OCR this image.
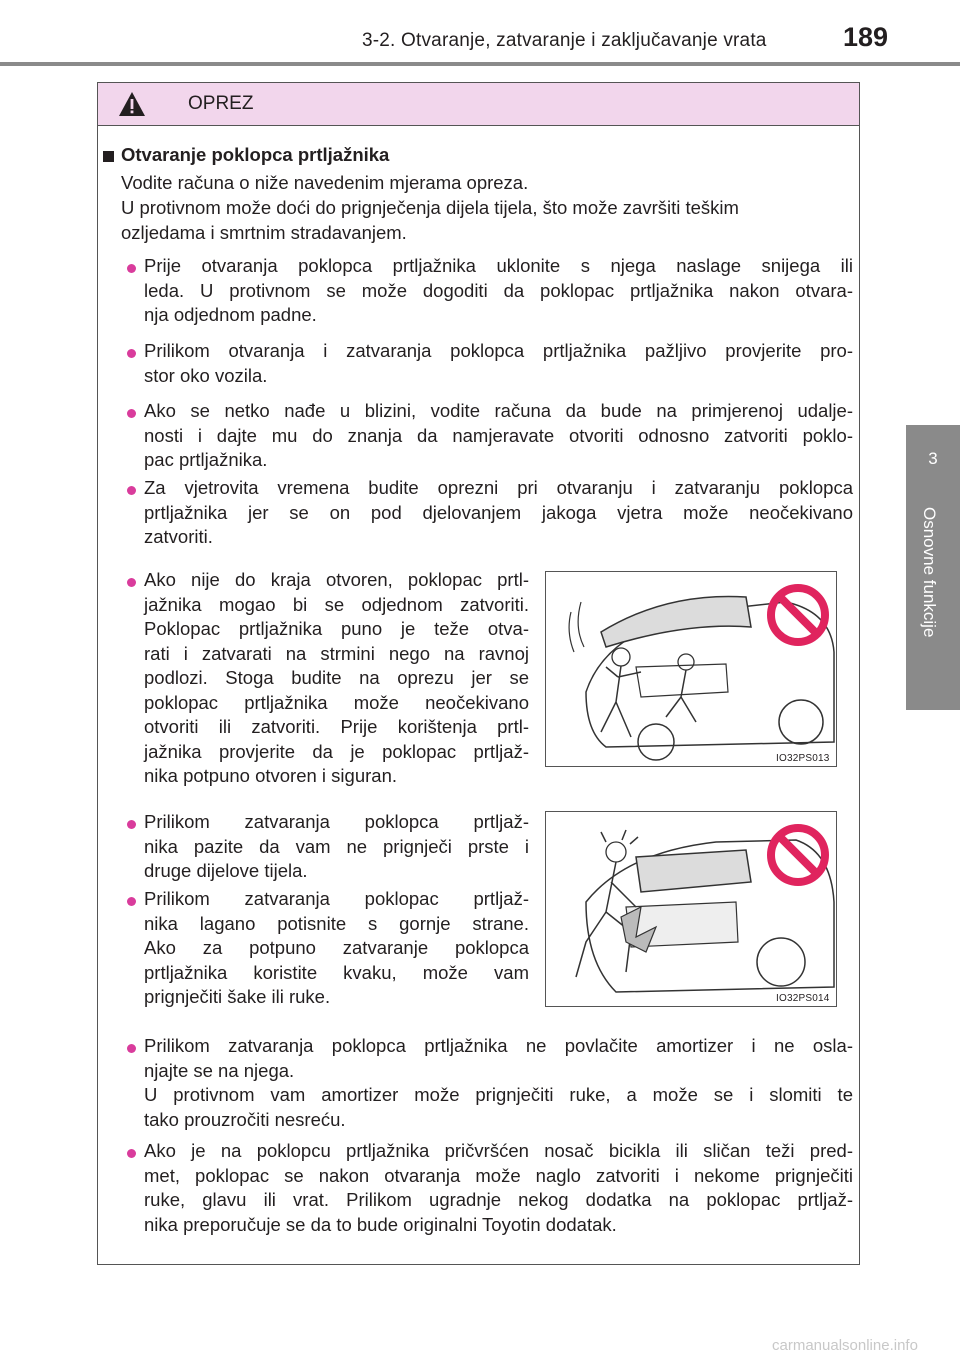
3-2. Otvaranje, zatvaranje i zaključavanje vrata	189
3
Osnovne funkcije
OPREZ
Otvaranje poklopca prtljažnika
Vodite računa o niže navedenim mjerama opreza.
U protivnom može doći do prignječenja dijela tijela, što može završiti teškim
ozljedama i smrtnim stradavanjem.
Prije otvaranja poklopca prtljažnika uklonite s njega naslage snijega ili
leda. U protivnom se može dogoditi da poklopac prtljažnika nakon otvara-
nja odjednom padne.
Prilikom otvaranja i zatvaranja poklopca prtljažnika pažljivo provjerite pro-
stor oko vozila.
Ako se netko nađe u blizini, vodite računa da bude na primjerenoj udalje-
nosti i dajte mu do znanja da namjeravate otvoriti odnosno zatvoriti poklo-
pac prtljažnika.
Za vjetrovita vremena budite oprezni pri otvaranju i zatvaranju poklopca
prtljažnika jer se on pod djelovanjem jakoga vjetra može neočekivano
zatvoriti.
Ako nije do kraja otvoren, poklopac prtl-
jažnika mogao bi se odjednom zatvoriti.
Poklopac prtljažnika puno je teže otva-
rati i zatvarati na strmini nego na ravnoj
podlozi. Stoga budite na oprezu jer se
poklopac prtljažnika može neočekivano
otvoriti ili zatvoriti. Prije korištenja prtl-
jažnika provjerite da je poklopac prtljaž-
nika potpuno otvoren i siguran.
IO32PS013
Prilikom zatvaranja poklopca prtljaž-
nika pazite da vam ne prignječi prste i
druge dijelove tijela.
Prilikom zatvaranja poklopac prtljaž-
nika lagano potisnite s gornje strane.
Ako za potpuno zatvaranje poklopca
prtljažnika koristite kvaku, može vam
prignječiti šake ili ruke.	IO32PS014
Prilikom zatvaranja poklopca prtljažnika ne povlačite amortizer i ne osla-
njajte se na njega.
U protivnom vam amortizer može prignječiti ruke, a može se i slomiti te
tako prouzročiti nesreću.
Ako je na poklopcu prtljažnika pričvršćen nosač bicikla ili sličan teži pred-
met, poklopac se nakon otvaranja može naglo zatvoriti i nekome prignječiti
ruke, glavu ili vrat. Prilikom ugradnje nekog dodatka na poklopac prtljaž-
nika preporučuje se da to bude originalni Toyotin dodatak.
carmanualsonline.info
